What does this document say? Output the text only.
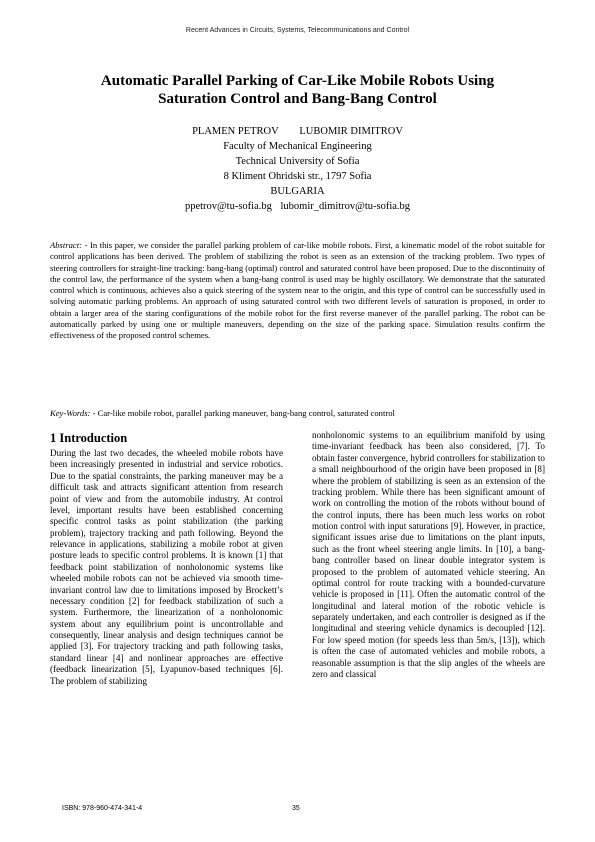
Recent Advances in Circuits, Systems, Telecommunications and Control
Automatic Parallel Parking of Car-Like Mobile Robots Using
Saturation Control and Bang-Bang Control
PLAMEN PETROV LUBOMIR DIMITROV
Faculty of Mechanical Engineering
Technical University of Sofia
8 Kliment Ohridski str., 1797 Sofia
BULGARIA
ppetrov@tu-sofia.bg lubomir_dimitrov@tu-sofia.bg
Abstract: - In this paper, we consider the parallel parking problem of car-like mobile robots. First, a kinematic model of the robot suitable for control applications has been derived. The problem of stabilizing the robot is seen as an extension of the tracking problem. Two types of steering controllers for straight-line tracking: bang-bang (optimal) control and saturated control have been proposed. Due to the discontinuity of the control law, the performance of the system when a bang-bang control is used may be highly oscillatory. We demonstrate that the saturated control which is continuous, achieves also a quick steering of the system near to the origin, and this type of control can be successfully used in solving automatic parking problems. An approach of using saturated control with two different levels of saturation is proposed, in order to obtain a larger area of the staring configurations of the mobile robot for the first reverse manever of the parallel parking. The robot can be automatically parked by using one or multiple maneuvers, depending on the size of the parking space. Simulation results confirm the effectiveness of the proposed control schemes.
Key-Words: - Car-like mobile robot, parallel parking maneuver, bang-bang control, saturated control
1 Introduction
During the last two decades, the wheeled mobile robots have been increasingly presented in industrial and service robotics. Due to the spatial constraints, the parking maneuver may be a difficult task and attracts significant attention from research point of view and from the automobile industry. At control level, important results have been established concerning specific control tasks as point stabilization (the parking problem), trajectory tracking and path following. Beyond the relevance in applications, stabilizing a mobile robot at given posture leads to specific control problems. It is known [1] that feedback point stabilization of nonholonomic systems like wheeled mobile robots can not be achieved via smooth time-invariant control law due to limitations imposed by Brockett’s necessary condition [2] for feedback stabilization of such a system. Furthermore, the linearization of a nonholonomic system about any equilibrium point is uncontrollable and consequently, linear analysis and design techniques cannot be applied [3]. For trajectory tracking and path following tasks, standard linear [4] and nonlinear approaches are effective (feedback linearization [5], Lyapunov-based techniques [6]. The problem of stabilizing
nonholonomic systems to an equilibrium manifold by using time-invariant feedback has been also considered, [7]. To obtain faster convergence, hybrid controllers for stabilization to a small neighbourhood of the origin have been proposed in [8] where the problem of stabilizing is seen as an extension of the tracking problem. While there has been significant amount of work on controlling the motion of the robots without bound of the control inputs, there has been much less works on robot motion control with input saturations [9]. However, in practice, significant issues arise due to limitations on the plant inputs, such as the front wheel steering angle limits. In [10], a bang-bang controller based on linear double integrator system is proposed to the problem of automated vehicle steering. An optimal control for route tracking with a bounded-curvature vehicle is proposed in [11]. Often the automatic control of the longitudinal and lateral motion of the robotic vehicle is separately undertaken, and each controller is designed as if the longitudinal and steering vehicle dynamics is decoupled [12]. For low speed motion (for speeds less than 5m/s, [13]), which is often the case of automated vehicles and mobile robots, a reasonable assumption is that the slip angles of the wheels are zero and classical
ISBN: 978-960-474-341-4	35
